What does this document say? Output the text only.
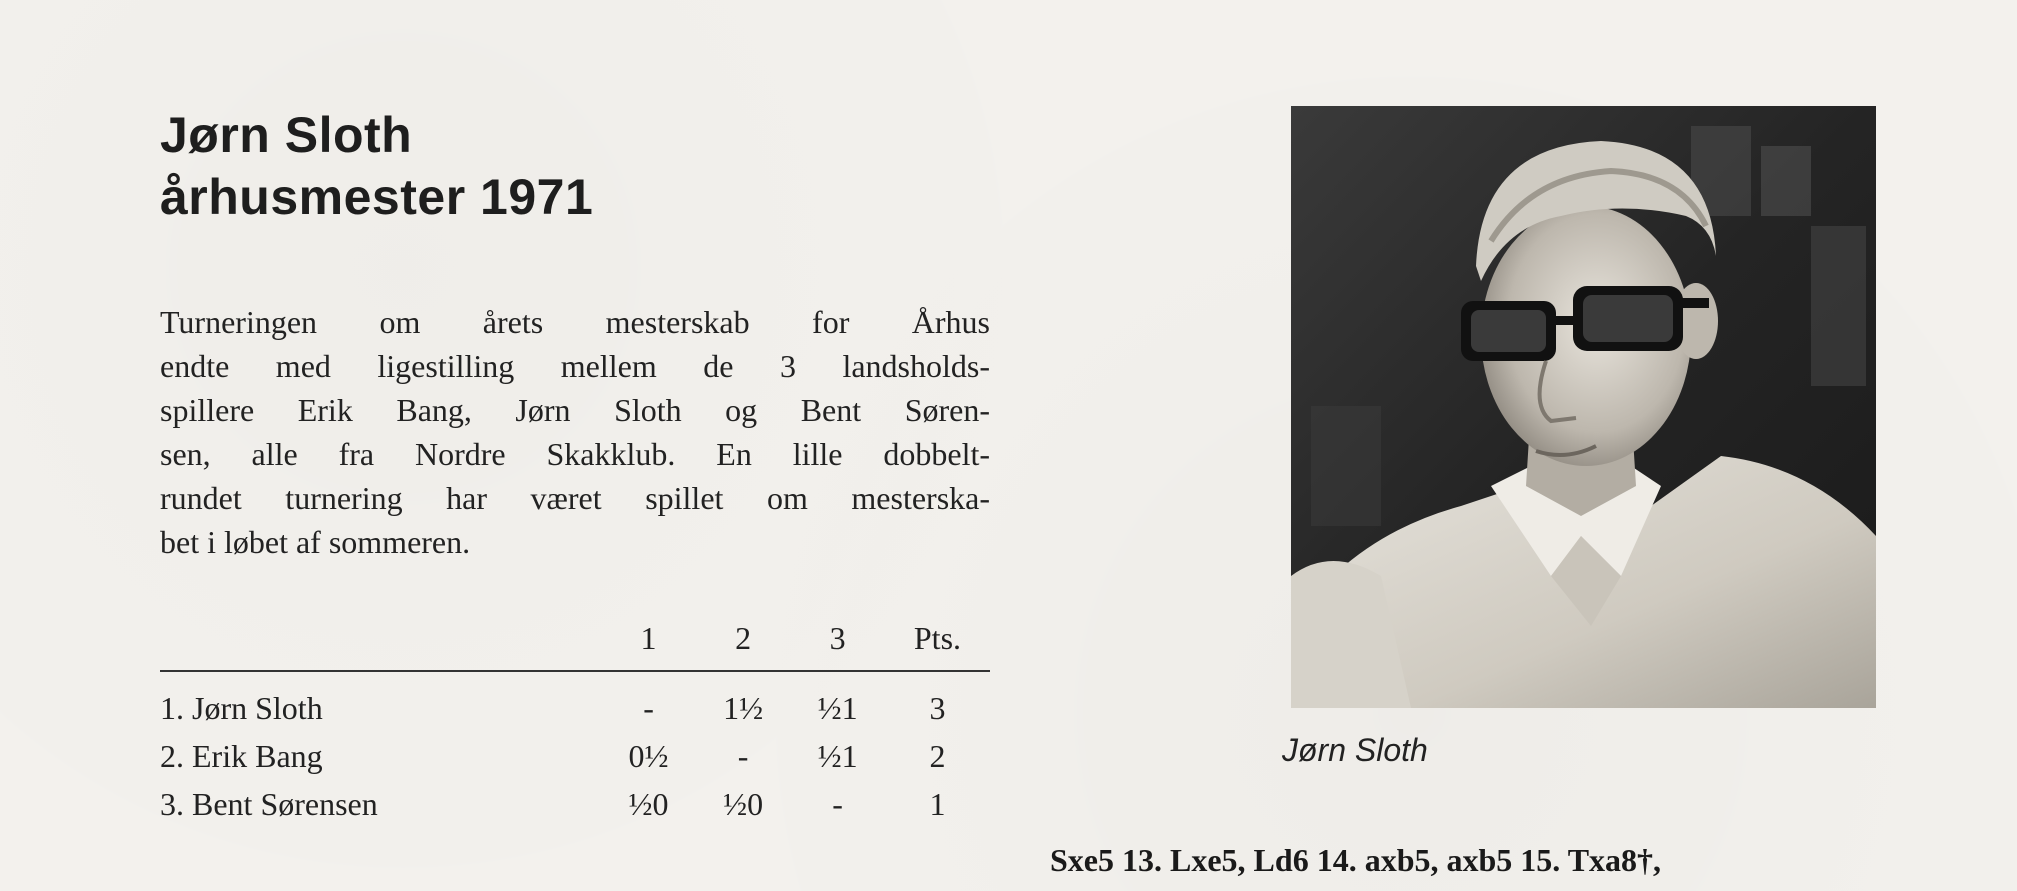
Jørn Sloth
århusmester 1971

Turneringen om årets mesterskab for Århus
endte med ligestilling mellem de 3 landsholds-
spillere Erik Bang, Jørn Sloth og Bent Søren-
sen, alle fra Nordre Skakklub. En lille dobbelt-
rundet turnering har været spillet om mesterska-
bet i løbet af sommeren.

	1	2	3	Pts.
1. Jørn Sloth	-	1½	½1	3
2. Erik Bang	0½	-	½1	2
3. Bent Sørensen	½0	½0	-	1

Jørn Sloth

Sxe5 13. Lxe5, Ld6 14. axb5, axb5 15. Txa8†,
